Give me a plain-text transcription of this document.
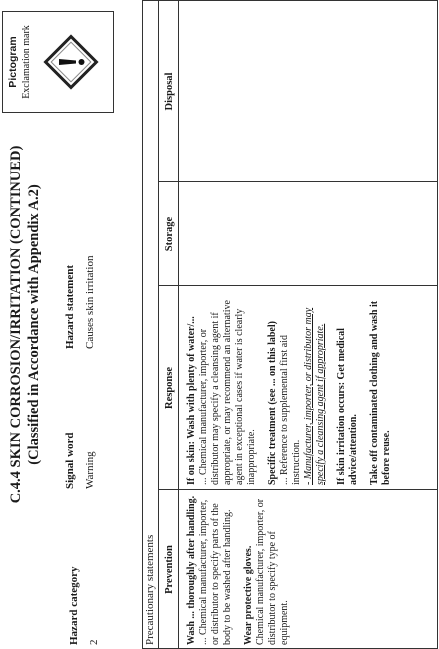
C.4.4 SKIN CORROSION/IRRITATION (CONTINUED) (Classified in Accordance with Appendix A.2)
Hazard category 2
Signal word Warning
Hazard statement Causes skin irritation
Pictogram Exclamation mark
Precautionary statements Prevention
Response
Storage
Disposal

Wash ... thoroughly after handling.
... Chemical manufacturer, importer, or distributor to specify parts of the body to be washed after handling. Wear protective gloves.
Chemical manufacturer, importer, or distributor to specify type of equipment.

If on skin: Wash with plenty of water/...
... Chemical manufacturer, importer, or distributor may specify a cleansing agent if appropriate, or may recommend an alternative agent in exceptional cases if water is clearly inappropriate. Specific treatment (see ... on this label)
... Reference to supplemental first aid instruction.
- Manufacturer, importer, or distributor may specify a cleansing agent if appropriate. If skin irritation occurs: Get medical advice/attention. Take off contaminated clothing and wash it before reuse.
